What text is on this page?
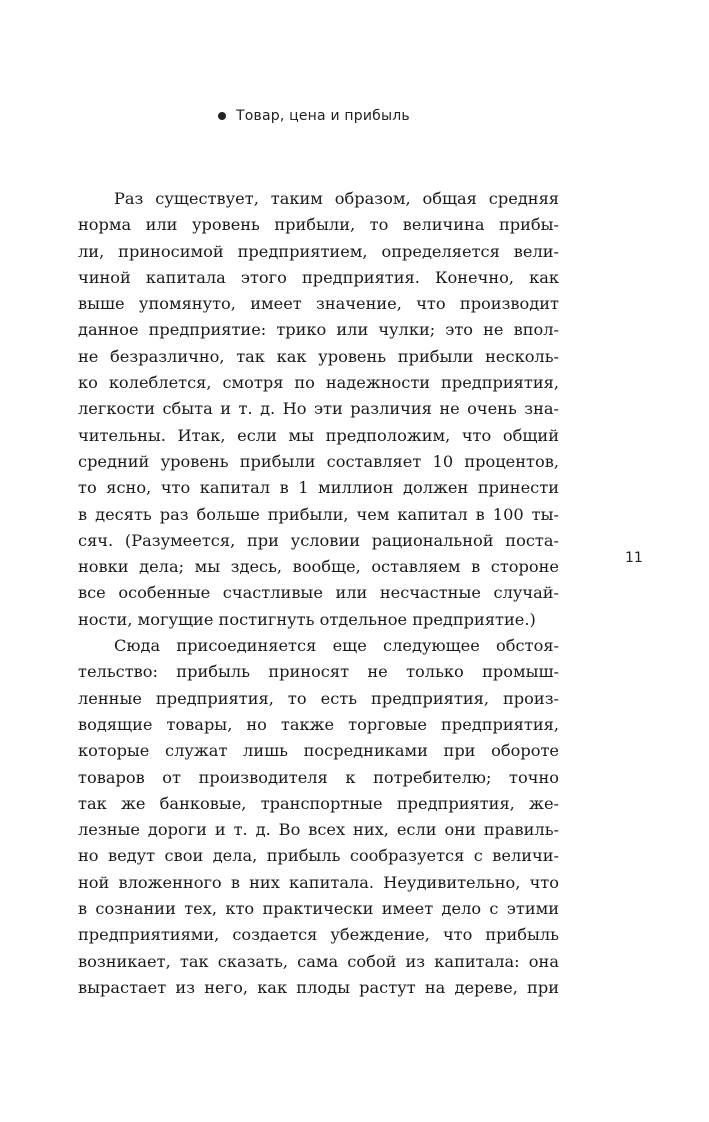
Товар, цена и прибыль
11
Раз существует, таким образом, общая средняя
норма или уровень прибыли, то величина прибы-
ли, приносимой предприятием, определяется вели-
чиной капитала этого предприятия. Конечно, как
выше упомянуто, имеет значение, что производит
данное предприятие: трико или чулки; это не впол-
не безразлично, так как уровень прибыли несколь-
ко колеблется, смотря по надежности предприятия,
легкости сбыта и т. д. Но эти различия не очень зна-
чительны. Итак, если мы предположим, что общий
средний уровень прибыли составляет 10 процентов,
то ясно, что капитал в 1 миллион должен принести
в десять раз больше прибыли, чем капитал в 100 ты-
сяч. (Разумеется, при условии рациональной поста-
новки дела; мы здесь, вообще, оставляем в стороне
все особенные счастливые или несчастные случай-
ности, могущие постигнуть отдельное предприятие.)
Сюда присоединяется еще следующее обстоя-
тельство: прибыль приносят не только промыш-
ленные предприятия, то есть предприятия, произ-
водящие товары, но также торговые предприятия,
которые служат лишь посредниками при обороте
товаров от производителя к потребителю; точно
так же банковые, транспортные предприятия, же-
лезные дороги и т. д. Во всех них, если они правиль-
но ведут свои дела, прибыль сообразуется с величи-
ной вложенного в них капитала. Неудивительно, что
в сознании тех, кто практически имеет дело с этими
предприятиями, создается убеждение, что прибыль
возникает, так сказать, сама собой из капитала: она
вырастает из него, как плоды растут на дереве, при
